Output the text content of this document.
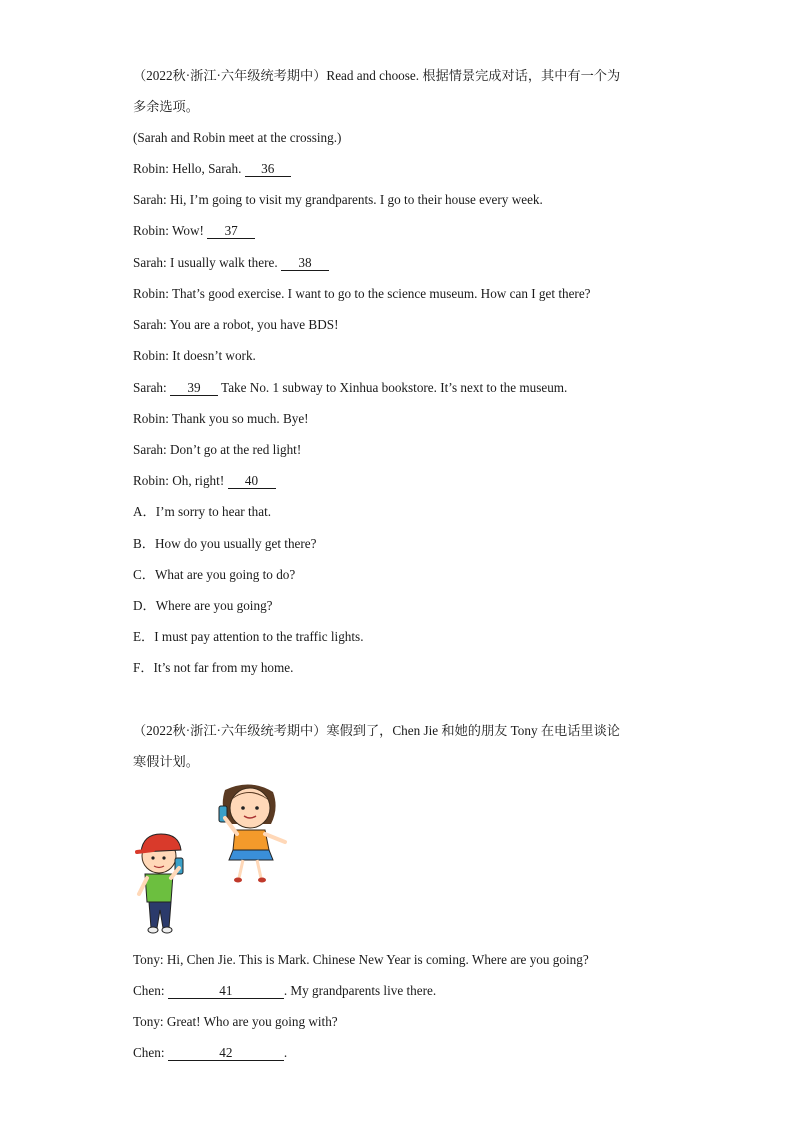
（2022秋·浙江·六年级统考期中）Read and choose. 根据情景完成对话，其中有一个为
多余选项。
(Sarah and Robin meet at the crossing.)
Robin: Hello, Sarah. 36
Sarah: Hi, I’m going to visit my grandparents. I go to their house every week.
Robin: Wow! 37
Sarah: I usually walk there. 38
Robin: That’s good exercise. I want to go to the science museum. How can I get there?
Sarah: You are a robot, you have BDS!
Robin: It doesn’t work.
Sarah: 39 Take No. 1 subway to Xinhua bookstore. It’s next to the museum.
Robin: Thank you so much. Bye!
Sarah: Don’t go at the red light!
Robin: Oh, right! 40
A．I’m sorry to hear that.
B．How do you usually get there?
C．What are you going to do?
D．Where are you going?
E．I must pay attention to the traffic lights.
F．It’s not far from my home.
（2022秋·浙江·六年级统考期中）寒假到了，Chen Jie 和她的朋友 Tony 在电话里谈论
寒假计划。
Tony: Hi, Chen Jie. This is Mark. Chinese New Year is coming. Where are you going?
Chen:	41	. My grandparents live there.
Tony: Great! Who are you going with?
Chen:	42	.
